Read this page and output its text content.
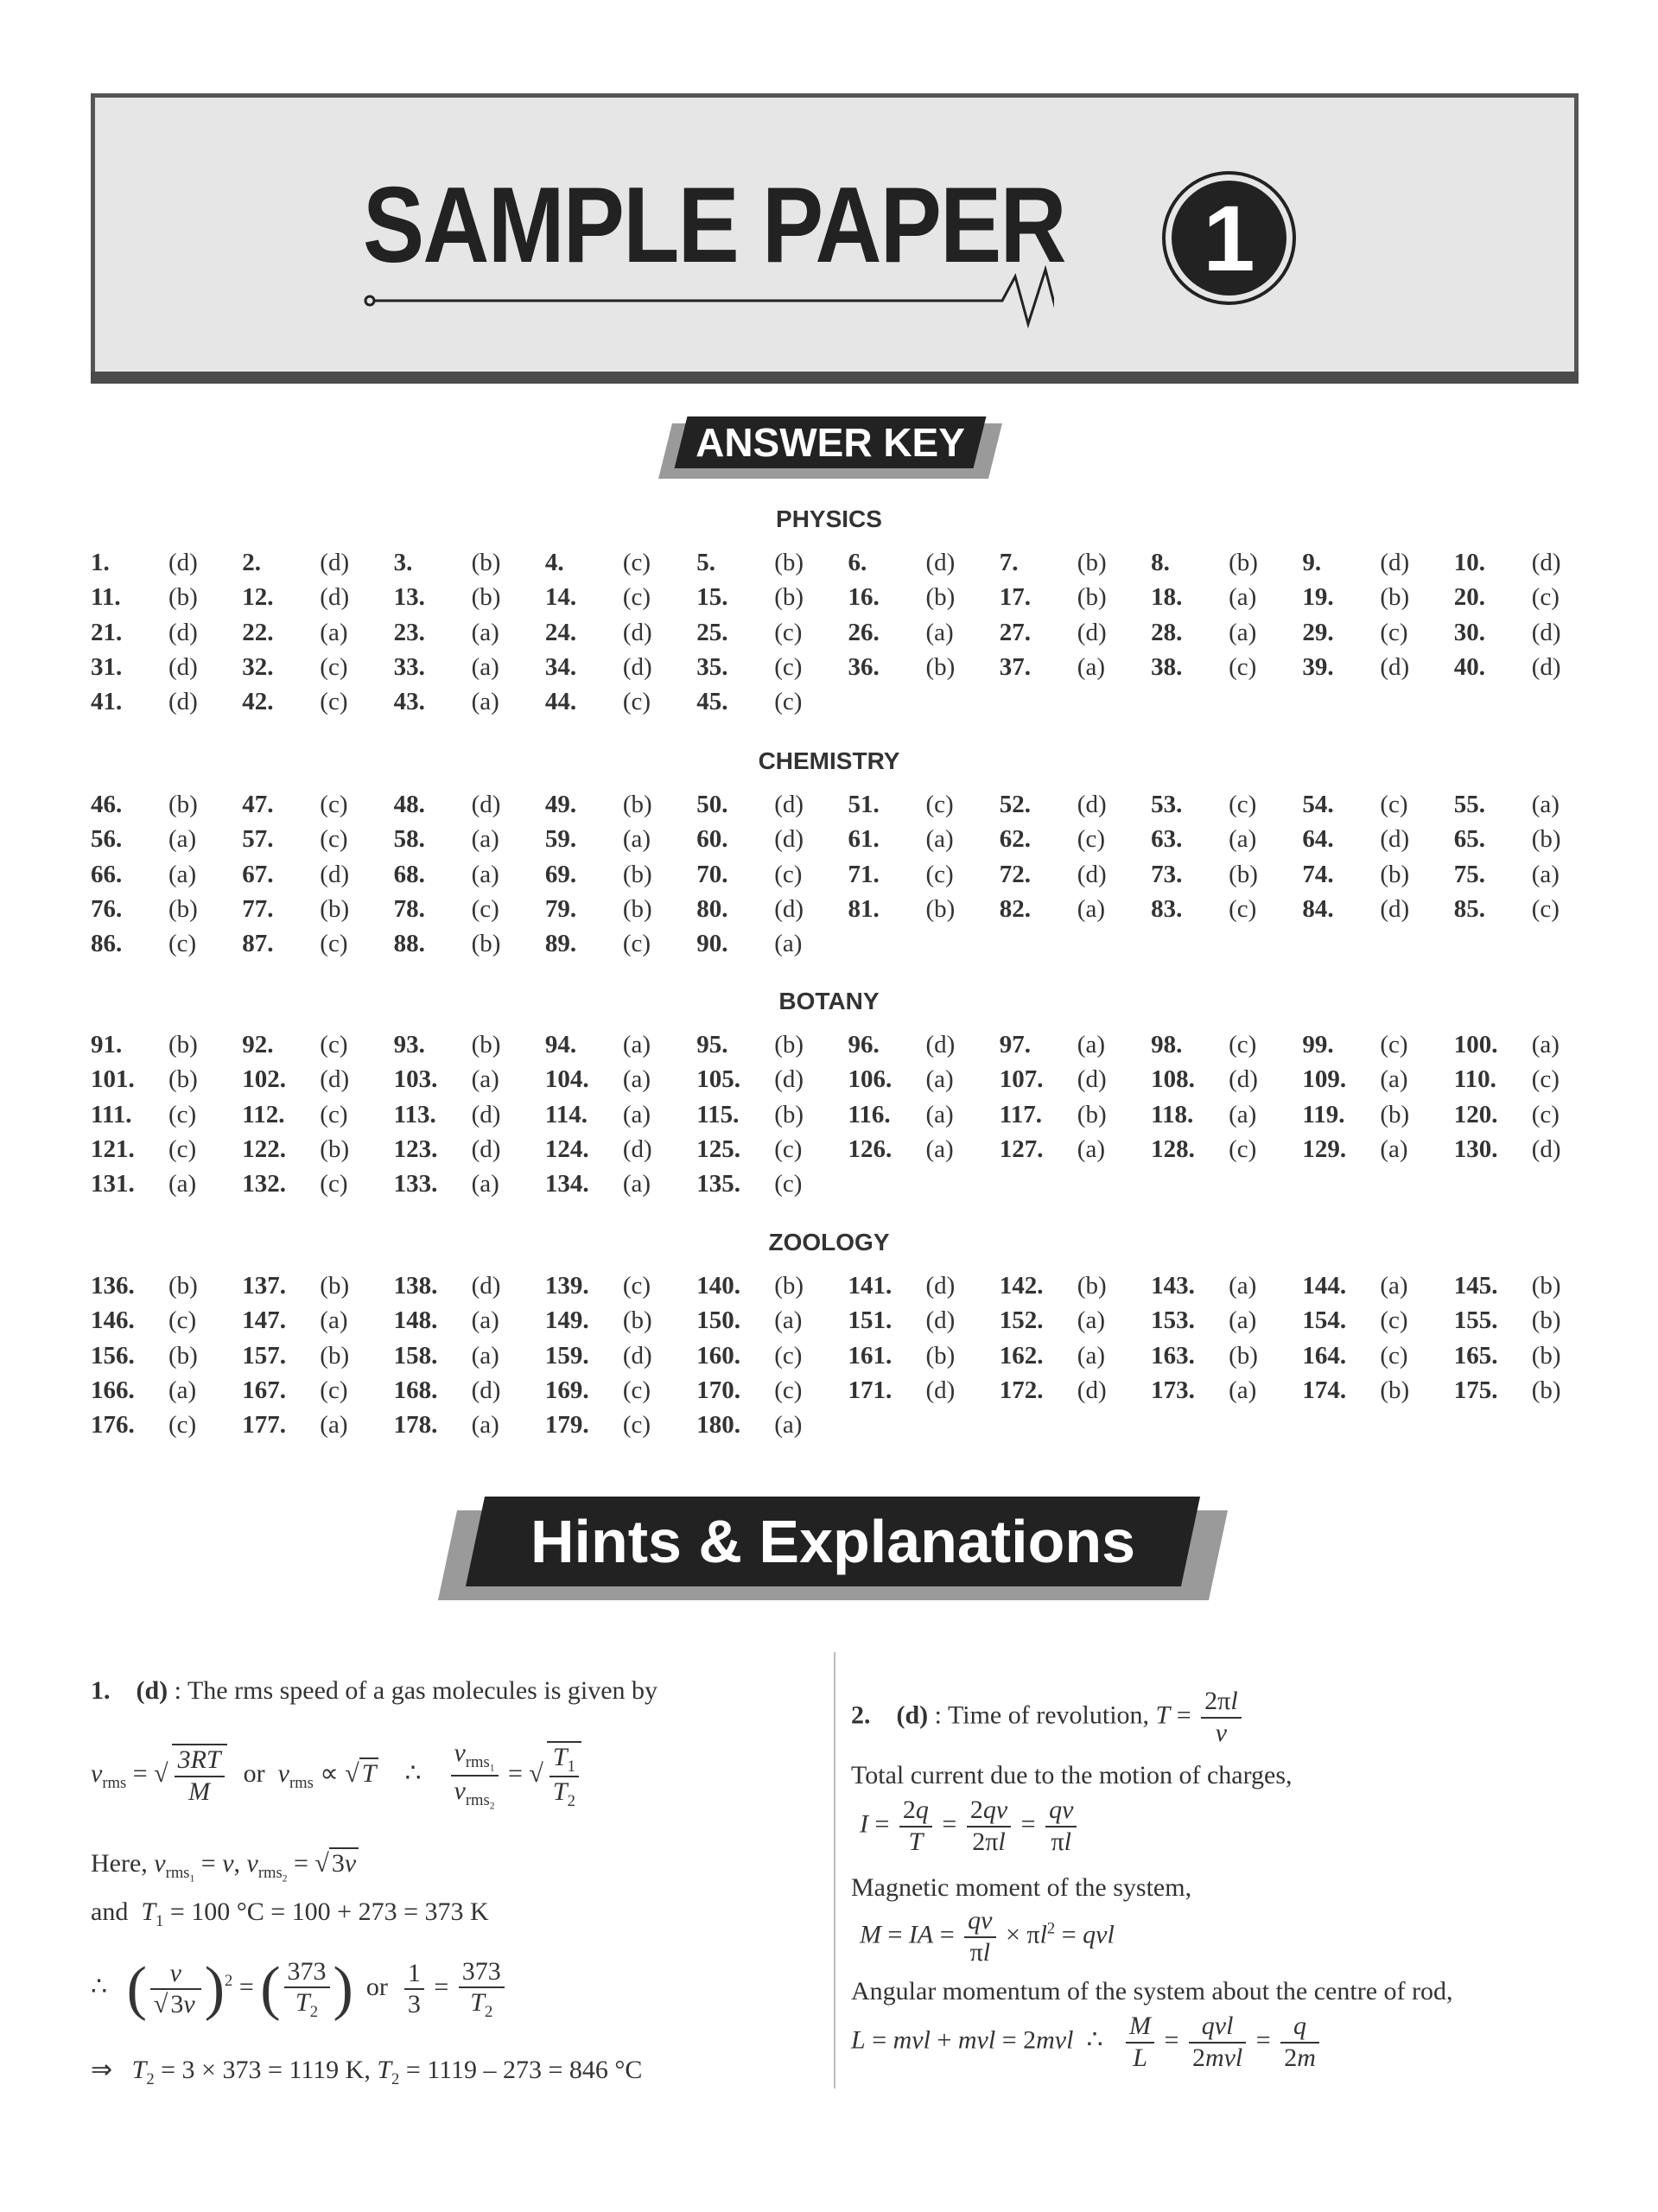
SAMPLE PAPER	1
ANSWER KEY
PHYSICS
1. (d) 2. (d) 3. (b) 4. (c) 5. (b) 6. (d) 7. (b) 8. (b) 9. (d) 10. (d)
11. (b) 12. (d) 13. (b) 14. (c) 15. (b) 16. (b) 17. (b) 18. (a) 19. (b) 20. (c)
21. (d) 22. (a) 23. (a) 24. (d) 25. (c) 26. (a) 27. (d) 28. (a) 29. (c) 30. (d)
31. (d) 32. (c) 33. (a) 34. (d) 35. (c) 36. (b) 37. (a) 38. (c) 39. (d) 40. (d)
41. (d) 42. (c) 43. (a) 44. (c) 45. (c)
CHEMISTRY
46. (b) 47. (c) 48. (d) 49. (b) 50. (d) 51. (c) 52. (d) 53. (c) 54. (c) 55. (a)
56. (a) 57. (c) 58. (a) 59. (a) 60. (d) 61. (a) 62. (c) 63. (a) 64. (d) 65. (b)
66. (a) 67. (d) 68. (a) 69. (b) 70. (c) 71. (c) 72. (d) 73. (b) 74. (b) 75. (a)
76. (b) 77. (b) 78. (c) 79. (b) 80. (d) 81. (b) 82. (a) 83. (c) 84. (d) 85. (c)
86. (c) 87. (c) 88. (b) 89. (c) 90. (a)
BOTANY
91. (b) 92. (c) 93. (b) 94. (a) 95. (b) 96. (d) 97. (a) 98. (c) 99. (c) 100. (a)
101. (b) 102. (d) 103. (a) 104. (a) 105. (d) 106. (a) 107. (d) 108. (d) 109. (a) 110. (c)
111. (c) 112. (c) 113. (d) 114. (a) 115. (b) 116. (a) 117. (b) 118. (a) 119. (b) 120. (c)
121. (c) 122. (b) 123. (d) 124. (d) 125. (c) 126. (a) 127. (a) 128. (c) 129. (a) 130. (d)
131. (a) 132. (c) 133. (a) 134. (a) 135. (c)
ZOOLOGY
136. (b) 137. (b) 138. (d) 139. (c) 140. (b) 141. (d) 142. (b) 143. (a) 144. (a) 145. (b)
146. (c) 147. (a) 148. (a) 149. (b) 150. (a) 151. (d) 152. (a) 153. (a) 154. (c) 155. (b)
156. (b) 157. (b) 158. (a) 159. (d) 160. (c) 161. (b) 162. (a) 163. (b) 164. (c) 165. (b)
166. (a) 167. (c) 168. (d) 169. (c) 170. (c) 171. (d) 172. (d) 173. (a) 174. (b) 175. (b)
176. (c) 177. (a) 178. (a) 179. (c) 180. (a)
Hints & Explanations
1. (d) : The rms speed of a gas molecules is given by
$v_{rms}$ = √ $\frac{3RT}{M}$ or $v_{rms}$ ∝ √ T ∴ $\frac{v_{rms_1}}{v_{rms_2}}$ = √ $\frac{T_1}{T_2}$
Here, $v_{rms_1} = v$, $v_{rms_2}$ = √ 3v
and $T_1 = 100$ °C = 100 + 273 = 373 K
∴ ( $\frac{v}{√ 3v} )^2$ = ( $\frac{373}{T_2}$ ) or $\frac{1}{3} = \frac{373}{T_2}$
⇒ $T_2 = 3 \times 373 = 1119$ K, $T_2 = 1119 - 273 = 846$ °C
2. (d) : Time of revolution, $T = \frac{2\pi l}{v}$
Total current due to the motion of charges,
$I = \frac{2q}{T} = \frac{2qv}{2\pi l} = \frac{qv}{\pi l}$
Magnetic moment of the system,
M = IA = $\frac{qv}{\pi l} \times \pi l^2$ = qvl
Angular momentum of the system about the centre of rod,
L = mvl + mvl = 2mvl ∴ $\frac{M}{L} = \frac{\text{qvl}}{\text{2mvl}} = \frac{q}{2m}$
